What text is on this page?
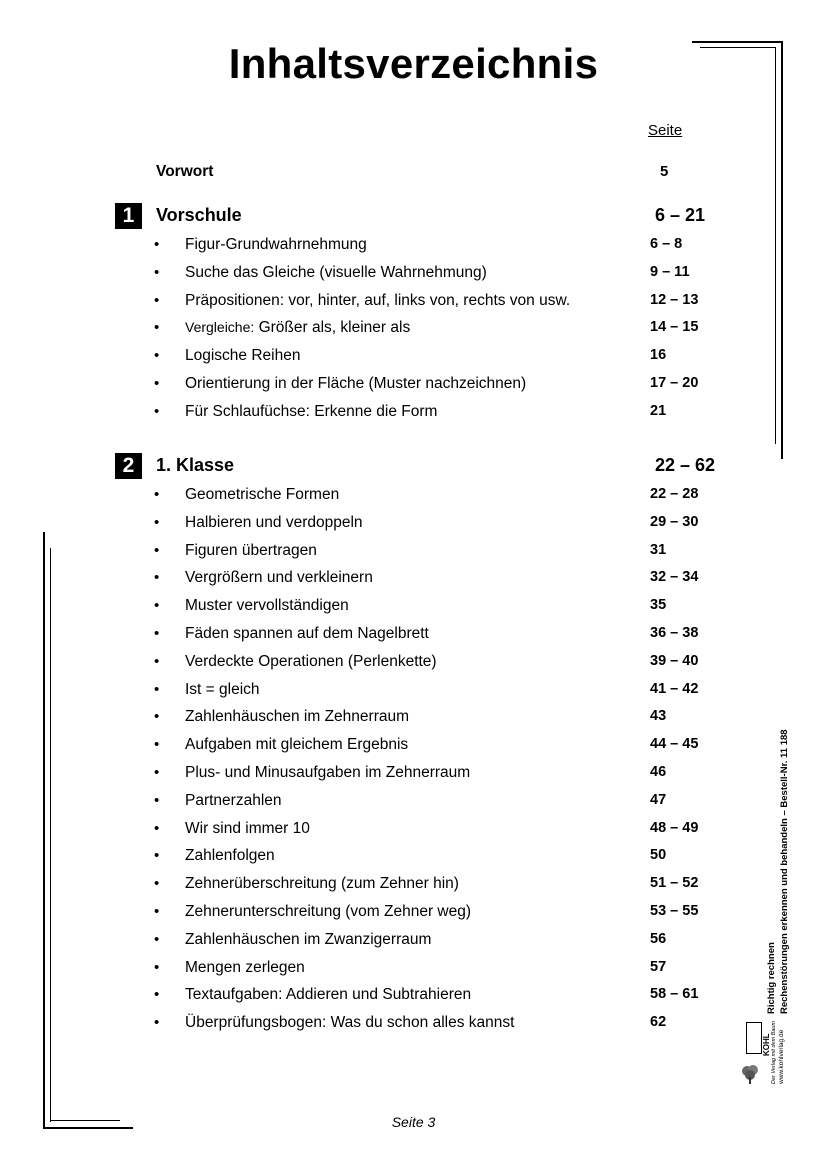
Inhaltsverzeichnis
Seite
Vorwort	5
1	Vorschule	6 – 21
• Figur-Grundwahrnehmung	6 – 8
• Suche das Gleiche (visuelle Wahrnehmung)	9 – 11
• Präpositionen: vor, hinter, auf, links von, rechts von usw.	12 – 13
• Vergleiche: Größer als, kleiner als	14 – 15
• Logische Reihen	16
• Orientierung in der Fläche (Muster nachzeichnen)	17 – 20
• Für Schlaufüchse: Erkenne die Form	21
2	1. Klasse	22 – 62
• Geometrische Formen	22 – 28
• Halbieren und verdoppeln	29 – 30
• Figuren übertragen	31
• Vergrößern und verkleinern	32 – 34
• Muster vervollständigen	35
• Fäden spannen auf dem Nagelbrett	36 – 38
• Verdeckte Operationen (Perlenkette)	39 – 40
• Ist = gleich	41 – 42
• Zahlenhäuschen im Zehnerraum	43
• Aufgaben mit gleichem Ergebnis	44 – 45
• Plus- und Minusaufgaben im Zehnerraum	46
• Partnerzahlen	47
• Wir sind immer 10	48 – 49
• Zahlenfolgen	50
• Zehnerüberschreitung (zum Zehner hin)	51 – 52
• Zehnerunterschreitung (vom Zehner weg)	53 – 55
• Zahlenhäuschen im Zwanzigerraum	56
• Mengen zerlegen	57
• Textaufgaben: Addieren und Subtrahieren	58 – 61
• Überprüfungsbogen: Was du schon alles kannst	62
Seite 3
Richtig rechnen Rechenstörungen erkennen und behandeln – Bestell-Nr. 11 188
KOHL www.kohlverlag.de
Der Verlag mit dem Baum
